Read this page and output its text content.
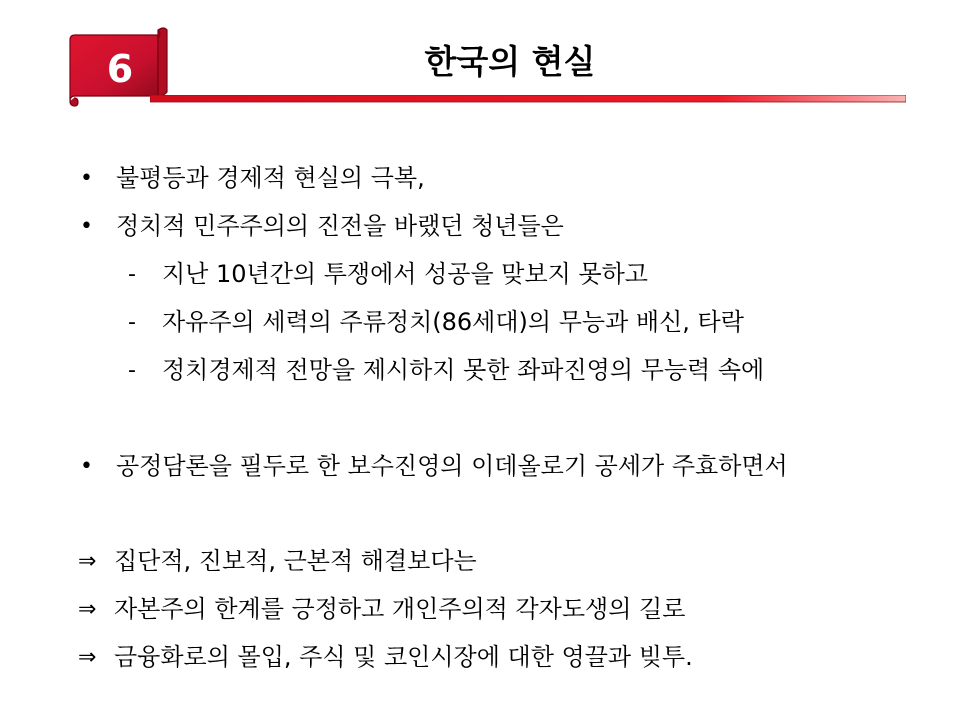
6	한국의 현실
• 불평등과 경제적 현실의 극복,
• 정치적 민주주의의 진전을 바랬던 청년들은
- 지난 10년간의 투쟁에서 성공을 맞보지 못하고
- 자유주의 세력의 주류정치(86세대)의 무능과 배신, 타락
- 정치경제적 전망을 제시하지 못한 좌파진영의 무능력 속에
• 공정담론을 필두로 한 보수진영의 이데올로기 공세가 주효하면서
⇒ 집단적, 진보적, 근본적 해결보다는
⇒ 자본주의 한계를 긍정하고 개인주의적 각자도생의 길로
⇒ 금융화로의 몰입, 주식 및 코인시장에 대한 영끌과 빚투.
